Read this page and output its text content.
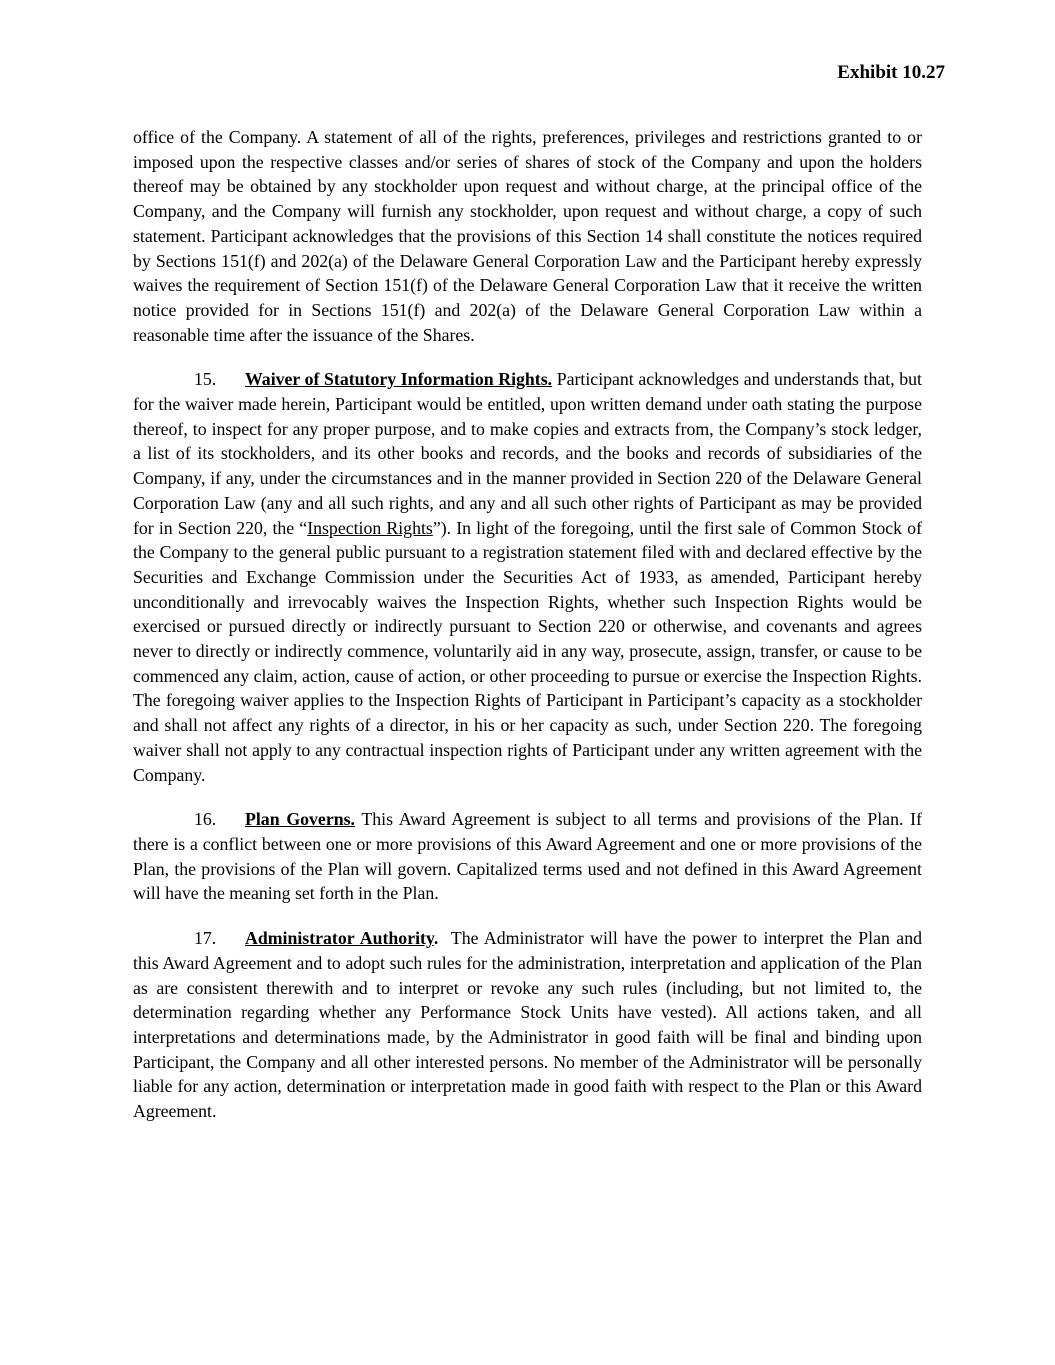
Exhibit 10.27

office of the Company. A statement of all of the rights, preferences, privileges and restrictions granted to or imposed upon the respective classes and/or series of shares of stock of the Company and upon the holders thereof may be obtained by any stockholder upon request and without charge, at the principal office of the Company, and the Company will furnish any stockholder, upon request and without charge, a copy of such statement. Participant acknowledges that the provisions of this Section 14 shall constitute the notices required by Sections 151(f) and 202(a) of the Delaware General Corporation Law and the Participant hereby expressly waives the requirement of Section 151(f) of the Delaware General Corporation Law that it receive the written notice provided for in Sections 151(f) and 202(a) of the Delaware General Corporation Law within a reasonable time after the issuance of the Shares.

15. Waiver of Statutory Information Rights. Participant acknowledges and understands that, but for the waiver made herein, Participant would be entitled, upon written demand under oath stating the purpose thereof, to inspect for any proper purpose, and to make copies and extracts from, the Company’s stock ledger, a list of its stockholders, and its other books and records, and the books and records of subsidiaries of the Company, if any, under the circumstances and in the manner provided in Section 220 of the Delaware General Corporation Law (any and all such rights, and any and all such other rights of Participant as may be provided for in Section 220, the “Inspection Rights”). In light of the foregoing, until the first sale of Common Stock of the Company to the general public pursuant to a registration statement filed with and declared effective by the Securities and Exchange Commission under the Securities Act of 1933, as amended, Participant hereby unconditionally and irrevocably waives the Inspection Rights, whether such Inspection Rights would be exercised or pursued directly or indirectly pursuant to Section 220 or otherwise, and covenants and agrees never to directly or indirectly commence, voluntarily aid in any way, prosecute, assign, transfer, or cause to be commenced any claim, action, cause of action, or other proceeding to pursue or exercise the Inspection Rights. The foregoing waiver applies to the Inspection Rights of Participant in Participant’s capacity as a stockholder and shall not affect any rights of a director, in his or her capacity as such, under Section 220. The foregoing waiver shall not apply to any contractual inspection rights of Participant under any written agreement with the Company.

16. Plan Governs. This Award Agreement is subject to all terms and provisions of the Plan. If there is a conflict between one or more provisions of this Award Agreement and one or more provisions of the Plan, the provisions of the Plan will govern. Capitalized terms used and not defined in this Award Agreement will have the meaning set forth in the Plan.

17. Administrator Authority.  The Administrator will have the power to interpret the Plan and this Award Agreement and to adopt such rules for the administration, interpretation and application of the Plan as are consistent therewith and to interpret or revoke any such rules (including, but not limited to, the determination regarding whether any Performance Stock Units have vested). All actions taken, and all interpretations and determinations made, by the Administrator in good faith will be final and binding upon Participant, the Company and all other interested persons. No member of the Administrator will be personally liable for any action, determination or interpretation made in good faith with respect to the Plan or this Award Agreement.
